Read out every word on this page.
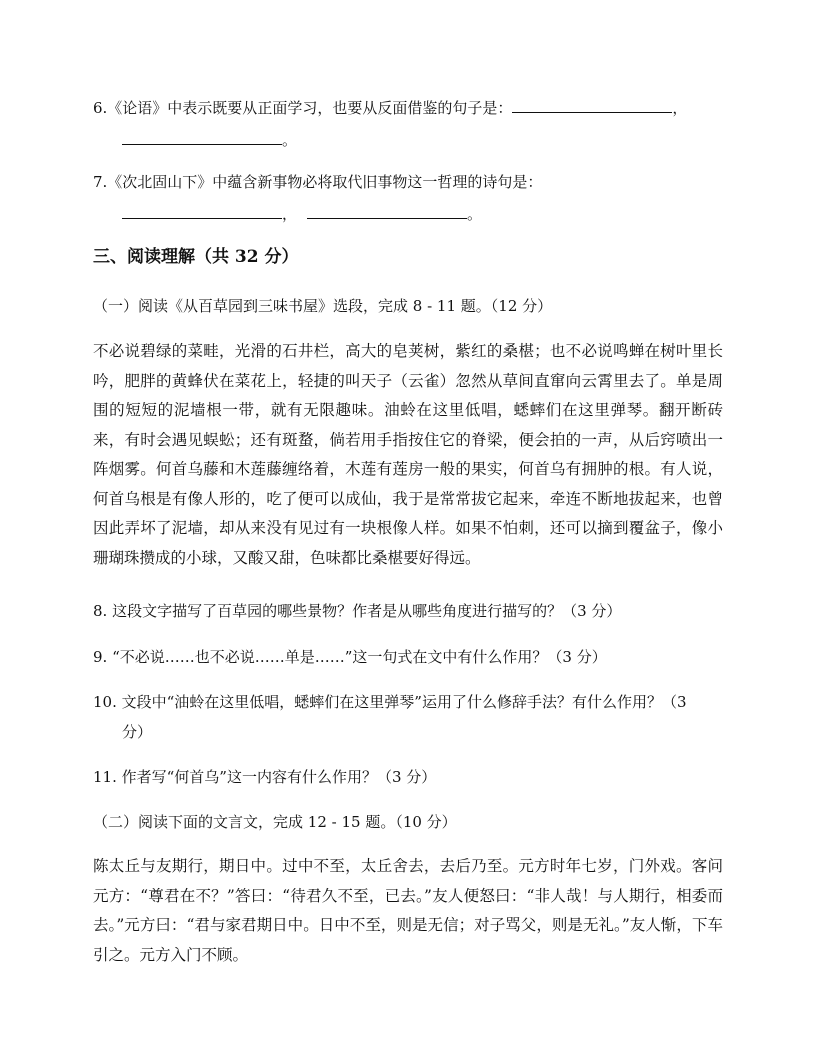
6.《论语》中表示既要从正面学习，也要从反面借鉴的句子是：	，
。
7.《次北固山下》中蕴含新事物必将取代旧事物这一哲理的诗句是：
，	。
三、阅读理解（共 32 分）
（一）阅读《从百草园到三味书屋》选段，完成 8 - 11 题。（12 分）
不必说碧绿的菜畦，光滑的石井栏，高大的皂荚树，紫红的桑椹；也不必说鸣蝉在树叶里长吟，肥胖的黄蜂伏在菜花上，轻捷的叫天子（云雀）忽然从草间直窜向云霄里去了。单是周围的短短的泥墙根一带，就有无限趣味。油蛉在这里低唱，蟋蟀们在这里弹琴。翻开断砖来，有时会遇见蜈蚣；还有斑蝥，倘若用手指按住它的脊梁，便会拍的一声，从后窍喷出一阵烟雾。何首乌藤和木莲藤缠络着，木莲有莲房一般的果实，何首乌有拥肿的根。有人说，何首乌根是有像人形的，吃了便可以成仙，我于是常常拔它起来，牵连不断地拔起来，也曾因此弄坏了泥墙，却从来没有见过有一块根像人样。如果不怕刺，还可以摘到覆盆子，像小珊瑚珠攒成的小球，又酸又甜，色味都比桑椹要好得远。
8. 这段文字描写了百草园的哪些景物？作者是从哪些角度进行描写的？（3 分）
9. “不必说……也不必说……单是……”这一句式在文中有什么作用？（3 分）
10. 文段中“油蛉在这里低唱，蟋蟀们在这里弹琴”运用了什么修辞手法？有什么作用？（3
分）
11. 作者写“何首乌”这一内容有什么作用？（3 分）
（二）阅读下面的文言文，完成 12 - 15 题。（10 分）
陈太丘与友期行，期日中。过中不至，太丘舍去，去后乃至。元方时年七岁，门外戏。客问元方：“尊君在不？”答曰：“待君久不至，已去。”友人便怒曰：“非人哉！与人期行，相委而去。”元方曰：“君与家君期日中。日中不至，则是无信；对子骂父，则是无礼。”友人惭，下车引之。元方入门不顾。
